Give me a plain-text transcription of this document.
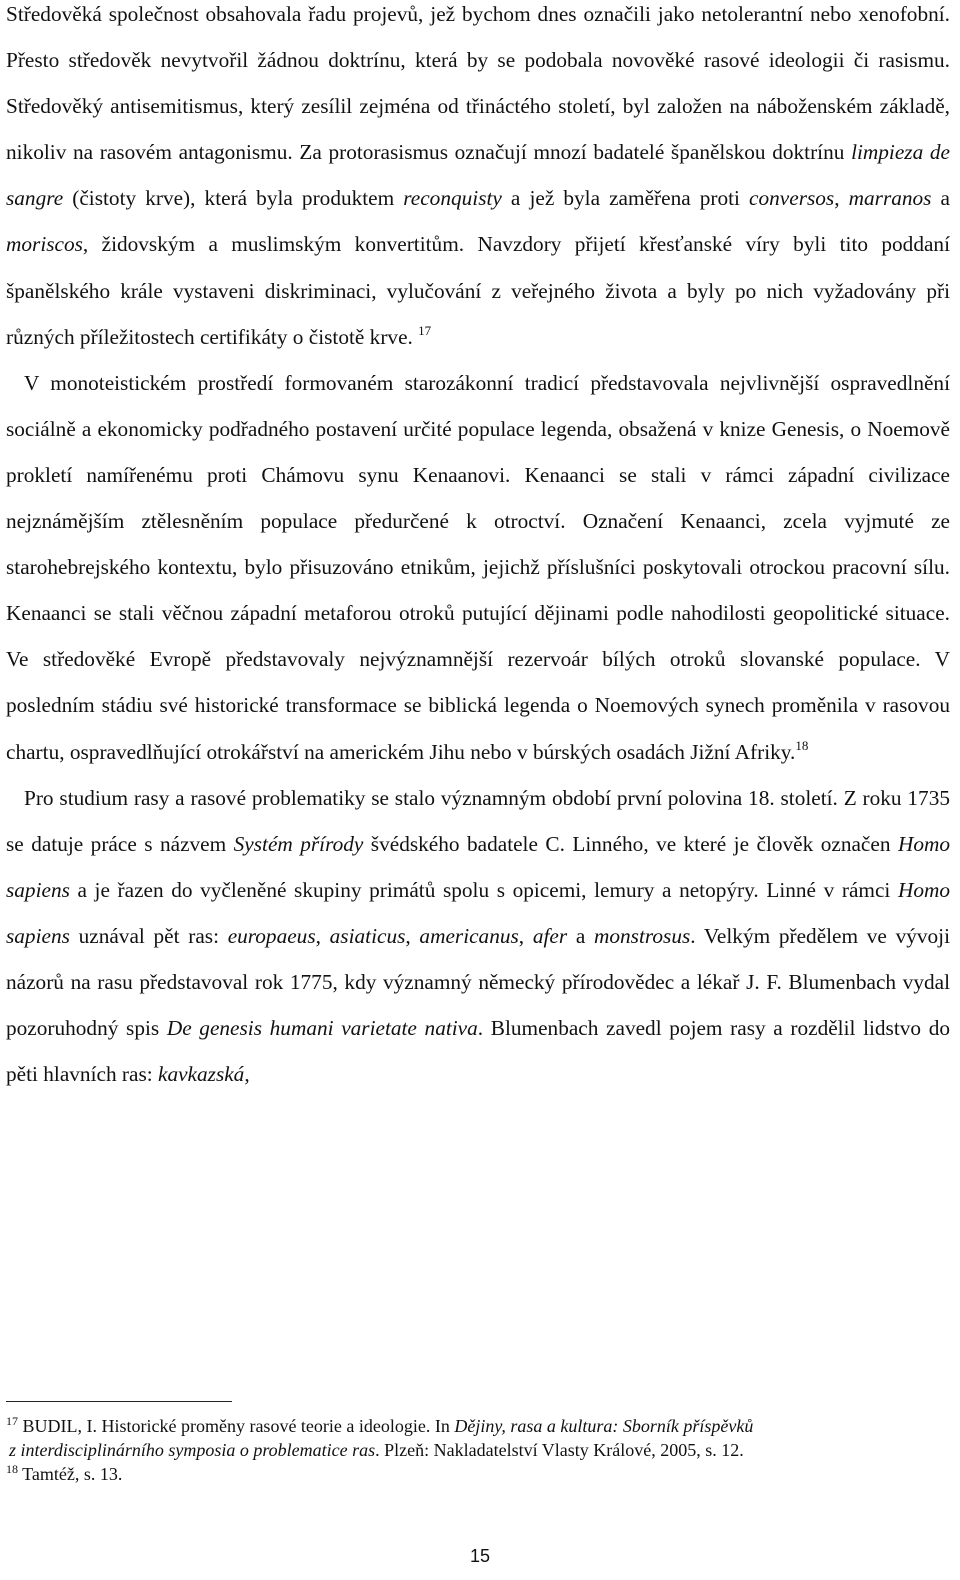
Středověká společnost obsahovala řadu projevů, jež bychom dnes označili jako netolerantní nebo xenofobní. Přesto středověk nevytvořil žádnou doktrínu, která by se podobala novověké rasové ideologii či rasismu. Středověký antisemitismus, který zesílil zejména od třináctého století, byl založen na náboženském základě, nikoliv na rasovém antagonismu. Za protorasismus označují mnozí badatelé španělskou doktrínu limpieza de sangre (čistoty krve), která byla produktem reconquisty a jež byla zaměřena proti conversos, marranos a moriscos, židovským a muslimským konvertitům. Navzdory přijetí křesťanské víry byli tito poddaní španělského krále vystaveni diskriminaci, vylučování z veřejného života a byly po nich vyžadovány při různých příležitostech certifikáty o čistotě krve. $^{17}$

V monoteistickém prostředí formovaném starozákonní tradicí představovala nejvlivnější ospravedlnění sociálně a ekonomicky podřadného postavení určité populace legenda, obsažená v knize Genesis, o Noemově prokletí namířenému proti Chámovu synu Kenaanovi. Kenaanci se stali v rámci západní civilizace nejznámějším ztělesněním populace předurčené k otroctví. Označení Kenaanci, zcela vyjmuté ze starohebrejského kontextu, bylo přisuzováno etnikům, jejichž příslušníci poskytovali otrockou pracovní sílu. Kenaanci se stali věčnou západní metaforou otroků putující dějinami podle nahodilosti geopolitické situace. Ve středověké Evropě představovaly nejvýznamnější rezervoár bílých otroků slovanské populace. V posledním stádiu své historické transformace se biblická legenda o Noemových synech proměnila v rasovou chartu, ospravedlňující otrokářství na americkém Jihu nebo v búrských osadách Jižní Afriky.$^{18}$

Pro studium rasy a rasové problematiky se stalo významným období první polovina 18. století. Z roku 1735 se datuje práce s názvem Systém přírody švédského badatele C. Linného, ve které je člověk označen Homo sapiens a je řazen do vyčleněné skupiny primátů spolu s opicemi, lemury a netopýry. Linné v rámci Homo sapiens uznával pět ras: europaeus, asiaticus, americanus, afer a monstrosus. Velkým předělem ve vývoji názorů na rasu představoval rok 1775, kdy významný německý přírodovědec a lékař J. F. Blumenbach vydal pozoruhodný spis De genesis humani varietate nativa. Blumenbach zavedl pojem rasy a rozdělil lidstvo do pěti hlavních ras: kavkazská,

$^{17}$ BUDIL, I. Historické proměny rasové teorie a ideologie. In Dějiny, rasa a kultura: Sborník příspěvků

z interdisciplinárního symposia o problematice ras. Plzeň: Nakladatelství Vlasty Králové, 2005, s. 12.

$^{18}$ Tamtéž, s. 13.

15
